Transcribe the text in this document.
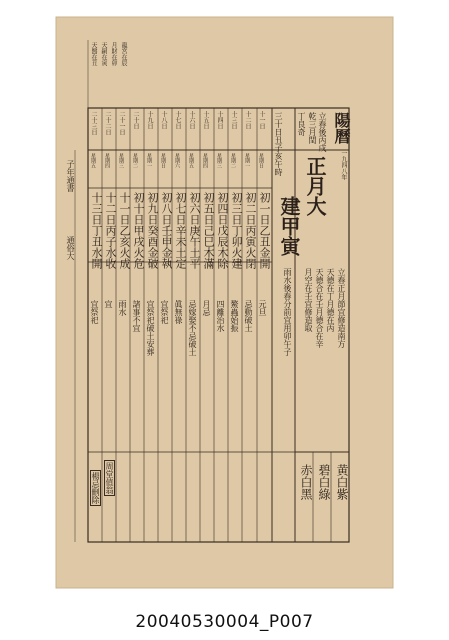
陽曆
一九四八年
正月大
建甲寅
立春後丙戌
乾三月閏
丁良奇
三十日丑子亥午時
立春正月節宜修造南方
天德在丁月德在丙
天德合在壬月德合在辛
月空在壬宜修造取
雨水後春分前宜用卯午子
黄白紫
碧白綠
赤白黑
十一日
星期日
初一日乙丑金開
元旦
十二日
星期一
初二日丙寅火閉
忌動破土
十三日
星期二
初三日丁卯火建
鰲蟲始振
十四日
星期三
初四日戊辰木除
四離治水
十五日
星期四
初五日己巳木滿
月忌
十六日
星期五
初六日庚午土平
忌嫁娶不忌破土
十七日
星期六
初七日辛未土定
眞無祿
十八日
星期日
初八日壬申金執
宜祭祀
十九日
星期一
初九日癸酉金破
宜祭祀破土安葬
二十日
星期二
初十日甲戌火危
諸事不宜
二十一日
星期三
十一日乙亥火成
雨水
二十二日
星期四
十二日丙子水收
宜
二十三日
星期五
十三日丁丑水開
宜祭祀
周堂值翁
楊忌刪除
天醫在丑 天嗣在寅 月財在卯 龍宮在辰
子年通書
通俗大
20040530004_P007
